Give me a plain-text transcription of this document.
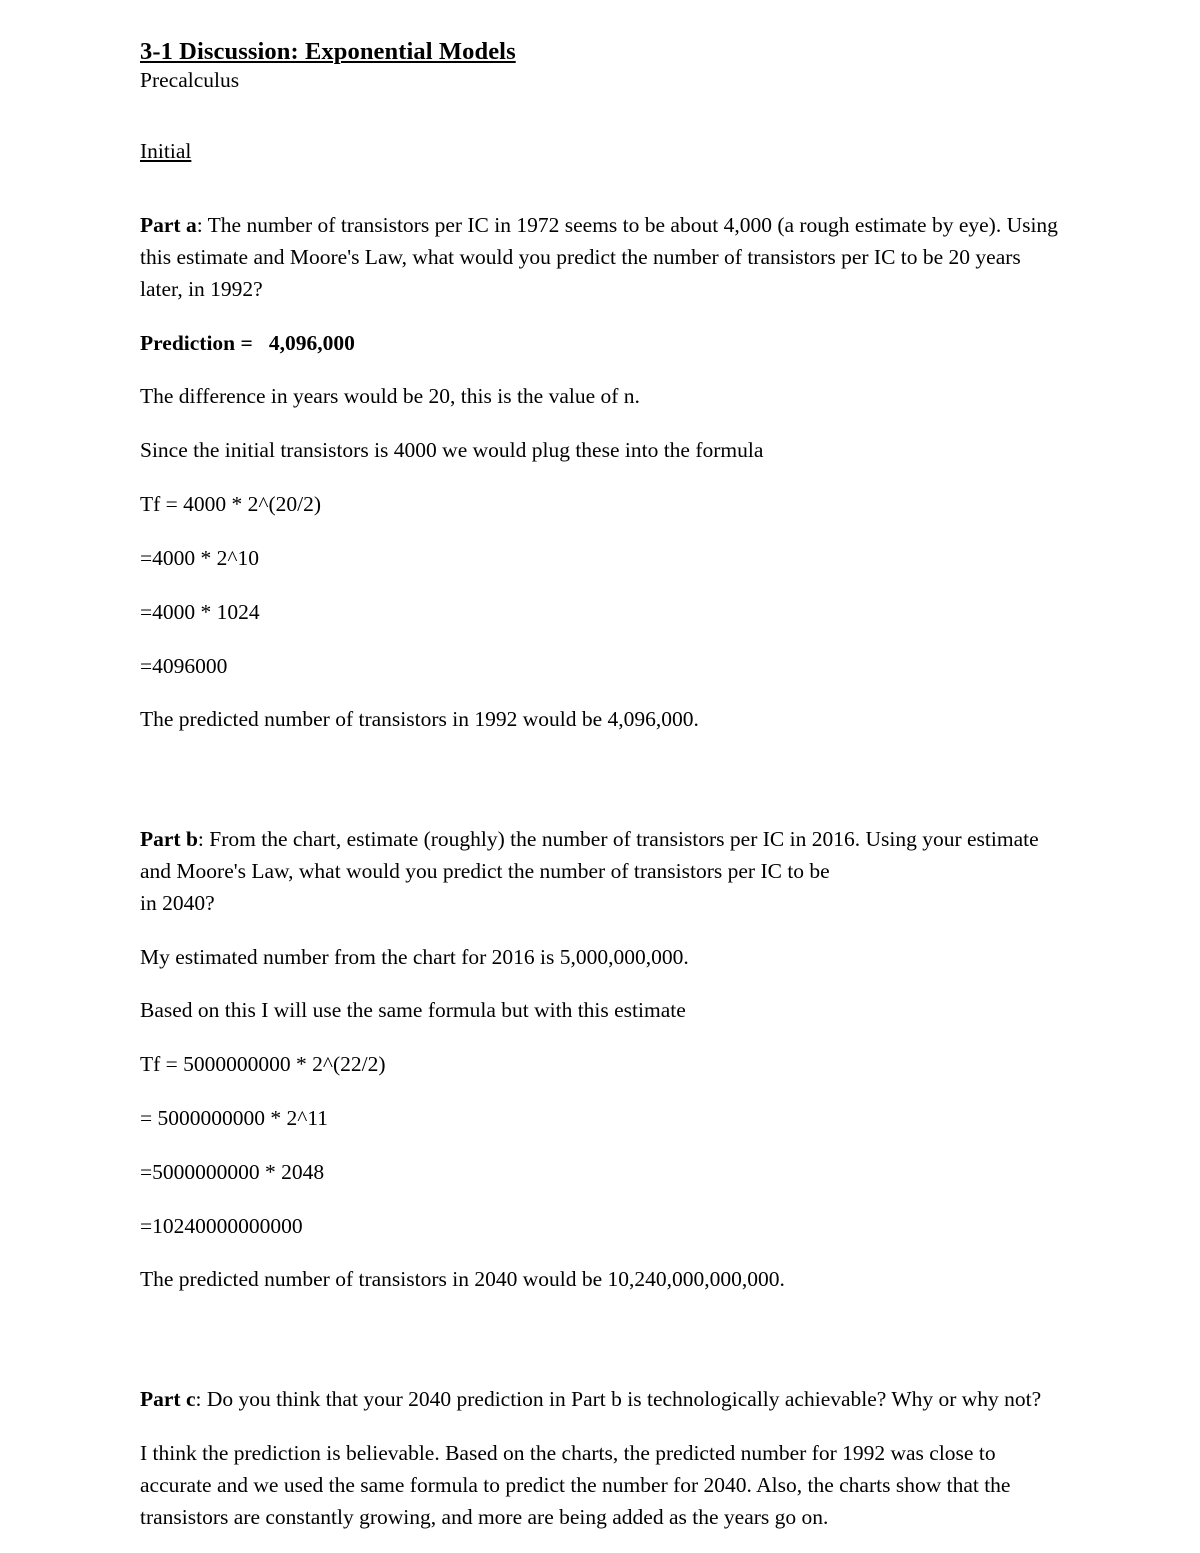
3-1 Discussion: Exponential Models

Precalculus

Initial

Part a: The number of transistors per IC in 1972 seems to be about 4,000 (a rough estimate by eye). Using this estimate and Moore's Law, what would you predict the number of transistors per IC to be 20 years later, in 1992?

Prediction = 4,096,000

The difference in years would be 20, this is the value of n.

Since the initial transistors is 4000 we would plug these into the formula

Tf = 4000 * 2^(20/2)

=4000 * 2^10

=4000 * 1024

=4096000

The predicted number of transistors in 1992 would be 4,096,000.

Part b: From the chart, estimate (roughly) the number of transistors per IC in 2016. Using your estimate and Moore's Law, what would you predict the number of transistors per IC to be
in 2040?

My estimated number from the chart for 2016 is 5,000,000,000.

Based on this I will use the same formula but with this estimate

Tf = 5000000000 * 2^(22/2)

= 5000000000 * 2^11

=5000000000 * 2048

=10240000000000

The predicted number of transistors in 2040 would be 10,240,000,000,000.

Part c: Do you think that your 2040 prediction in Part b is technologically achievable? Why or why not?

I think the prediction is believable. Based on the charts, the predicted number for 1992 was close to accurate and we used the same formula to predict the number for 2040. Also, the charts show that the transistors are constantly growing, and more are being added as the years go on.
